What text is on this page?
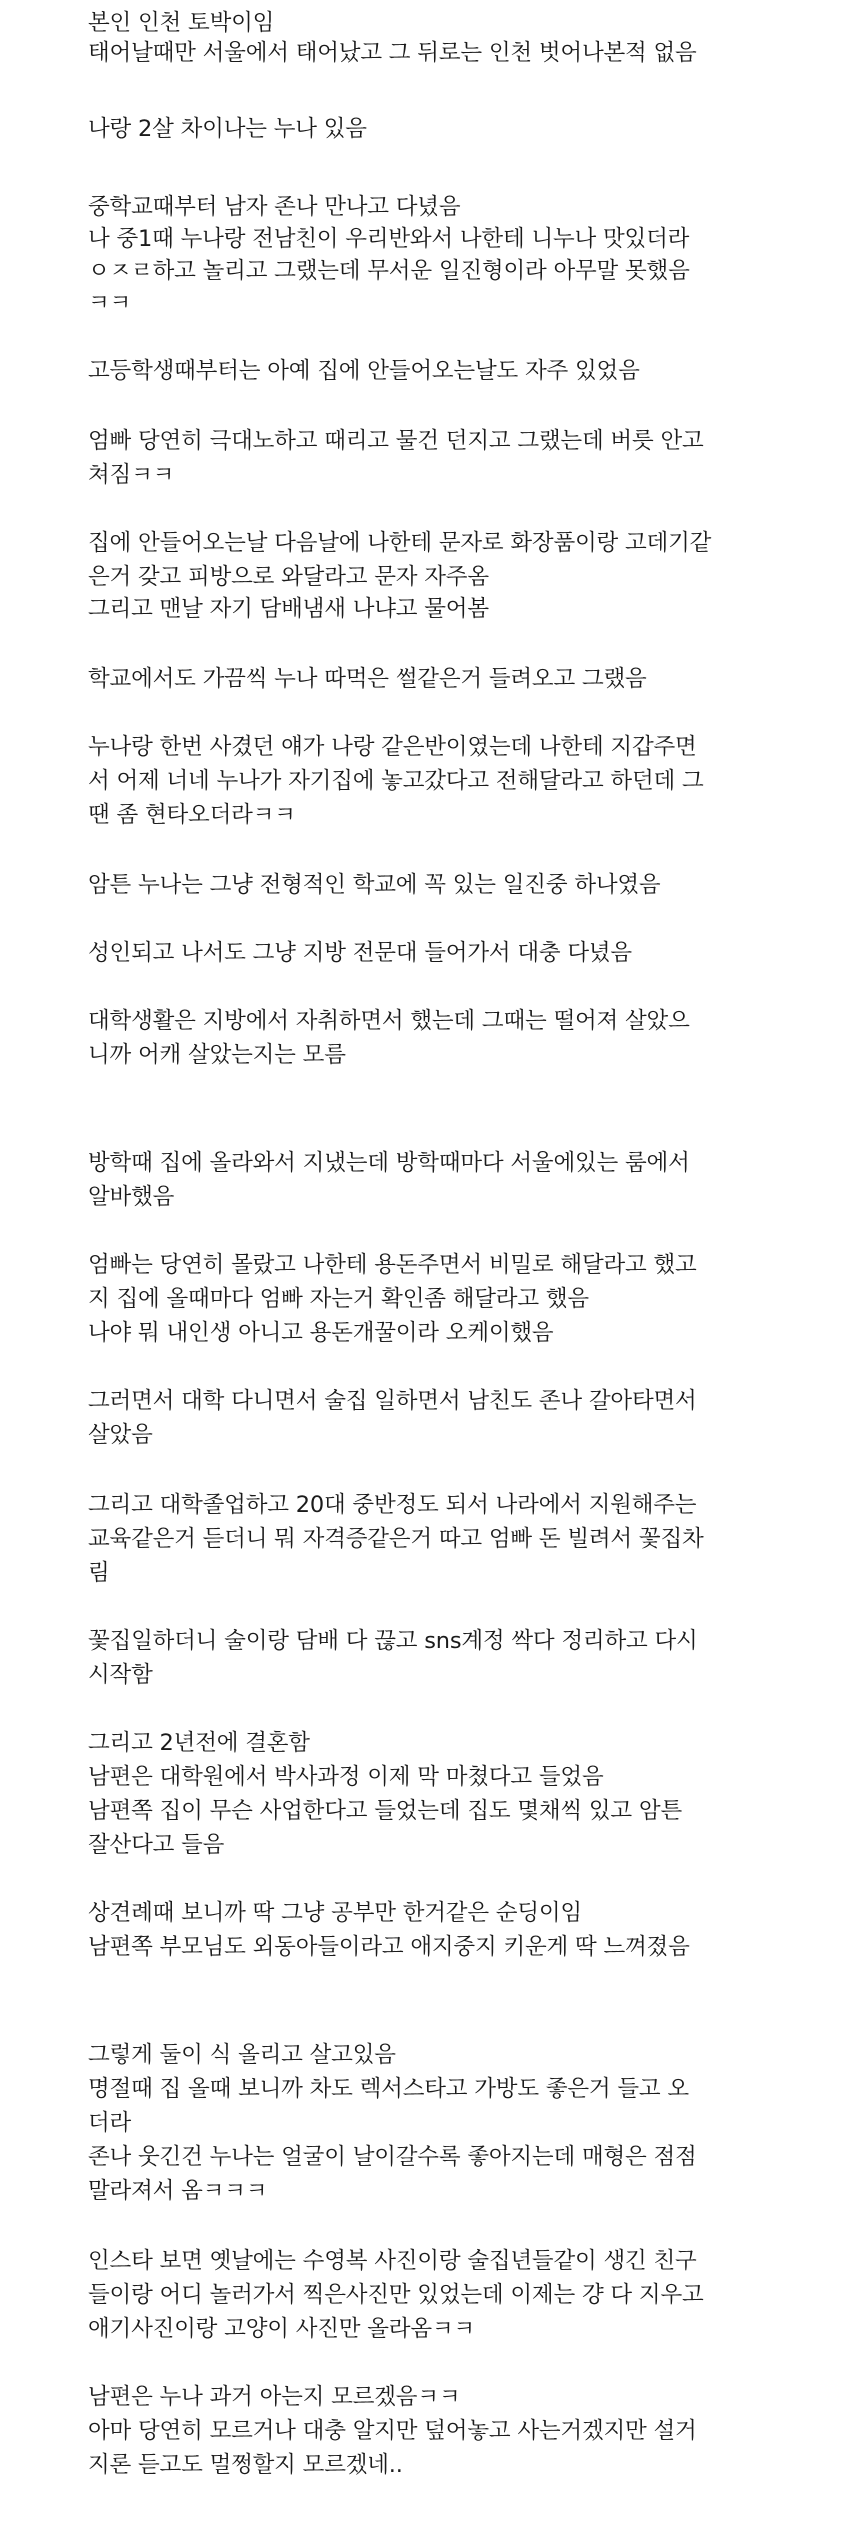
본인 인천 토박이임
태어날때만 서울에서 태어났고 그 뒤로는 인천 벗어나본적 없음
나랑 2살 차이나는 누나 있음
중학교때부터 남자 존나 만나고 다녔음
나 중1때 누나랑 전남친이 우리반와서 나한테 니누나 맛있더라
ㅇㅈㄹ하고 놀리고 그랬는데 무서운 일진형이라 아무말 못했음
ㅋㅋ
고등학생때부터는 아예 집에 안들어오는날도 자주 있었음
엄빠 당연히 극대노하고 때리고 물건 던지고 그랬는데 버릇 안고
쳐짐ㅋㅋ
집에 안들어오는날 다음날에 나한테 문자로 화장품이랑 고데기같
은거 갖고 피방으로 와달라고 문자 자주옴
그리고 맨날 자기 담배냄새 나냐고 물어봄
학교에서도 가끔씩 누나 따먹은 썰같은거 들려오고 그랬음
누나랑 한번 사겼던 얘가 나랑 같은반이였는데 나한테 지갑주면
서 어제 너네 누나가 자기집에 놓고갔다고 전해달라고 하던데 그
땐 좀 현타오더라ㅋㅋ
암튼 누나는 그냥 전형적인 학교에 꼭 있는 일진중 하나였음
성인되고 나서도 그냥 지방 전문대 들어가서 대충 다녔음
대학생활은 지방에서 자취하면서 했는데 그때는 떨어져 살았으
니까 어캐 살았는지는 모름
방학때 집에 올라와서 지냈는데 방학때마다 서울에있는 룸에서
알바했음
엄빠는 당연히 몰랐고 나한테 용돈주면서 비밀로 해달라고 했고
지 집에 올때마다 엄빠 자는거 확인좀 해달라고 했음
나야 뭐 내인생 아니고 용돈개꿀이라 오케이했음
그러면서 대학 다니면서 술집 일하면서 남친도 존나 갈아타면서
살았음
그리고 대학졸업하고 20대 중반정도 되서 나라에서 지원해주는
교육같은거 듣더니 뭐 자격증같은거 따고 엄빠 돈 빌려서 꽃집차
림
꽃집일하더니 술이랑 담배 다 끊고 sns계정 싹다 정리하고 다시
시작함
그리고 2년전에 결혼함
남편은 대학원에서 박사과정 이제 막 마쳤다고 들었음
남편쪽 집이 무슨 사업한다고 들었는데 집도 몇채씩 있고 암튼
잘산다고 들음
상견례때 보니까 딱 그냥 공부만 한거같은 순딩이임
남편쪽 부모님도 외동아들이라고 애지중지 키운게 딱 느껴졌음
그렇게 둘이 식 올리고 살고있음
명절때 집 올때 보니까 차도 렉서스타고 가방도 좋은거 들고 오
더라
존나 웃긴건 누나는 얼굴이 날이갈수록 좋아지는데 매형은 점점
말라져서 옴ㅋㅋㅋ
인스타 보면 옛날에는 수영복 사진이랑 술집년들같이 생긴 친구
들이랑 어디 놀러가서 찍은사진만 있었는데 이제는 걍 다 지우고
애기사진이랑 고양이 사진만 올라옴ㅋㅋ
남편은 누나 과거 아는지 모르겠음ㅋㅋ
아마 당연히 모르거나 대충 알지만 덮어놓고 사는거겠지만 설거
지론 듣고도 멀쩡할지 모르겠네..
